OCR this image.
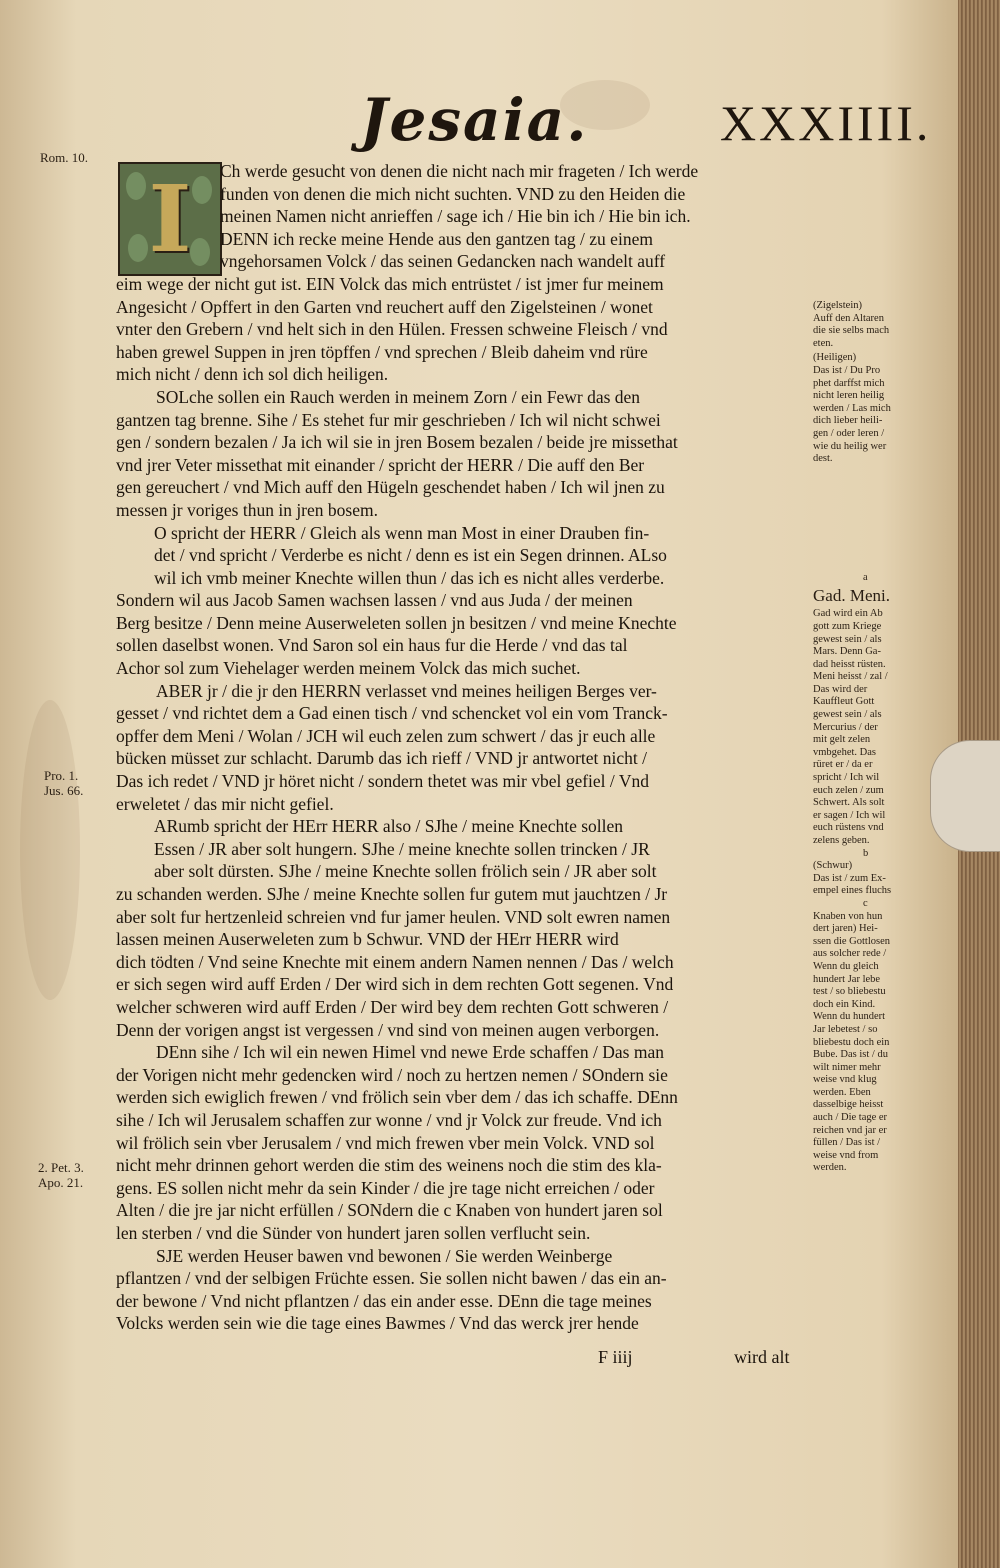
Jesaia.	XXXIIII.
Rom. 10.
Pro. 1.
Jus. 66.
2. Pet. 3.
Apo. 21.
I	Ch werde gesucht von denen die nicht nach mir frageten / Ich werde
funden von denen die mich nicht suchten. VND zu den Heiden die
meinen Namen nicht anrieffen / sage ich / Hie bin ich / Hie bin ich.
DENN ich recke meine Hende aus den gantzen tag / zu einem
vngehorsamen Volck / das seinen Gedancken nach wandelt auff
eim wege der nicht gut ist. EIN Volck das mich entrüstet / ist jmer fur meinem
Angesicht / Opffert in den Garten vnd reuchert auff den Zigelsteinen / wonet
vnter den Grebern / vnd helt sich in den Hülen. Fressen schweine Fleisch / vnd
haben grewel Suppen in jren töpffen / vnd sprechen / Bleib daheim vnd rüre
mich nicht / denn ich sol dich heiligen.
SOLche sollen ein Rauch werden in meinem Zorn / ein Fewr das den
gantzen tag brenne. Sihe / Es stehet fur mir geschrieben / Ich wil nicht schwei
gen / sondern bezalen / Ja ich wil sie in jren Bosem bezalen / beide jre missethat
vnd jrer Veter missethat mit einander / spricht der HERR / Die auff den Ber
gen gereuchert / vnd Mich auff den Hügeln geschendet haben / Ich wil jnen zu
messen jr voriges thun in jren bosem.
O spricht der HERR / Gleich als wenn man Most in einer Drauben fin-
det / vnd spricht / Verderbe es nicht / denn es ist ein Segen drinnen. ALso
wil ich vmb meiner Knechte willen thun / das ich es nicht alles verderbe.
Sondern wil aus Jacob Samen wachsen lassen / vnd aus Juda / der meinen
Berg besitze / Denn meine Auserweleten sollen jn besitzen / vnd meine Knechte
sollen daselbst wonen. Vnd Saron sol ein haus fur die Herde / vnd das tal
Achor sol zum Viehelager werden meinem Volck das mich suchet.
ABER jr / die jr den HERRN verlasset vnd meines heiligen Berges ver-
gesset / vnd richtet dem a Gad einen tisch / vnd schencket vol ein vom Tranck-
opffer dem Meni / Wolan / JCH wil euch zelen zum schwert / das jr euch alle
bücken müsset zur schlacht. Darumb das ich rieff / VND jr antwortet nicht /
Das ich redet / VND jr höret nicht / sondern thetet was mir vbel gefiel / Vnd
erweletet / das mir nicht gefiel.
ARumb spricht der HErr HERR also / SJhe / meine Knechte sollen
Essen / JR aber solt hungern. SJhe / meine knechte sollen trincken / JR
aber solt dürsten. SJhe / meine Knechte sollen frölich sein / JR aber solt
zu schanden werden. SJhe / meine Knechte sollen fur gutem mut jauchtzen / Jr
aber solt fur hertzenleid schreien vnd fur jamer heulen. VND solt ewren namen
lassen meinen Auserweleten zum b Schwur. VND der HErr HERR wird
dich tödten / Vnd seine Knechte mit einem andern Namen nennen / Das / welch
er sich segen wird auff Erden / Der wird sich in dem rechten Gott segenen. Vnd
welcher schweren wird auff Erden / Der wird bey dem rechten Gott schweren /
Denn der vorigen angst ist vergessen / vnd sind von meinen augen verborgen.
DEnn sihe / Ich wil ein newen Himel vnd newe Erde schaffen / Das man
der Vorigen nicht mehr gedencken wird / noch zu hertzen nemen / SOndern sie
werden sich ewiglich frewen / vnd frölich sein vber dem / das ich schaffe. DEnn
sihe / Ich wil Jerusalem schaffen zur wonne / vnd jr Volck zur freude. Vnd ich
wil frölich sein vber Jerusalem / vnd mich frewen vber mein Volck. VND sol
nicht mehr drinnen gehort werden die stim des weinens noch die stim des kla-
gens. ES sollen nicht mehr da sein Kinder / die jre tage nicht erreichen / oder
Alten / die jre jar nicht erfüllen / SONdern die c Knaben von hundert jaren sol
len sterben / vnd die Sünder von hundert jaren sollen verflucht sein.
SJE werden Heuser bawen vnd bewonen / Sie werden Weinberge
pflantzen / vnd der selbigen Früchte essen. Sie sollen nicht bawen / das ein an-
der bewone / Vnd nicht pflantzen / das ein ander esse. DEnn die tage meines
Volcks werden sein wie die tage eines Bawmes / Vnd das werck jrer hende
(Zigelstein)
Auff den Altaren
die sie selbs mach
eten.
(Heiligen)
Das ist / Du Pro
phet darffst mich
nicht leren heilig
werden / Las mich
dich lieber heili-
gen / oder leren /
wie du heilig wer
dest.
a
Gad. Meni.
Gad wird ein Ab
gott zum Kriege
gewest sein / als
Mars. Denn Ga-
dad heisst rüsten.
Meni heisst / zal /
Das wird der
Kauffleut Gott
gewest sein / als
Mercurius / der
mit gelt zelen
vmbgehet. Das
rüret er / da er
spricht / Ich wil
euch zelen / zum
Schwert. Als solt
er sagen / Ich wil
euch rüstens vnd
zelens geben.
b
(Schwur)
Das ist / zum Ex-
empel eines fluchs
c
Knaben von hun
dert jaren) Hei-
ssen die Gottlosen
aus solcher rede /
Wenn du gleich
hundert Jar lebe
test / so bliebestu
doch ein Kind.
Wenn du hundert
Jar lebetest / so
bliebestu doch ein
Bube. Das ist / du
wilt nimer mehr
weise vnd klug
werden. Eben
dasselbige heisst
auch / Die tage er
reichen vnd jar er
füllen / Das ist /
weise vnd from
werden.
F iiij	wird alt
